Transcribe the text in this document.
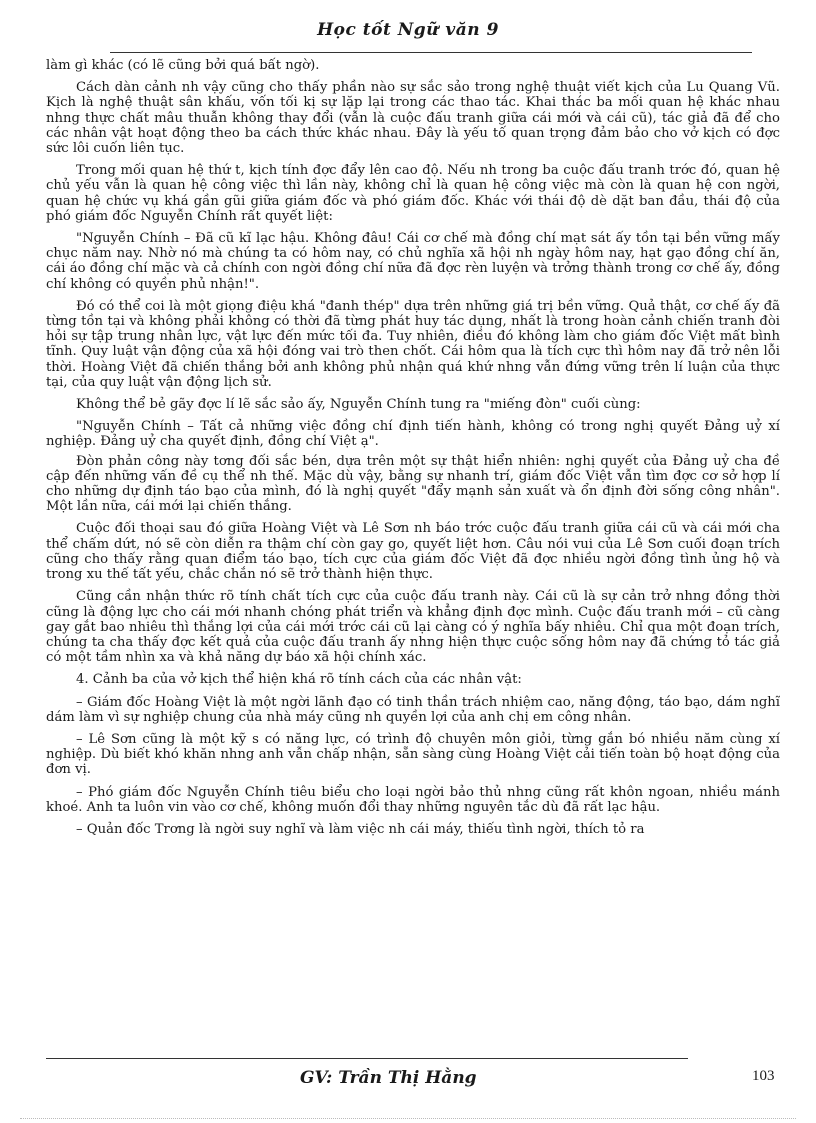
Học tốt Ngữ văn 9

làm gì khác (có lẽ cũng bởi quá bất ngờ).

Cách dàn cảnh nh vậy cũng cho thấy phần nào sự sắc sảo trong nghệ thuật viết kịch của Lu Quang Vũ. Kịch là nghệ thuật sân khấu, vốn tối kị sự lặp lại trong các thao tác. Khai thác ba mối quan hệ khác nhau nhng thực chất mâu thuẫn không thay đổi (vẫn là cuộc đấu tranh giữa cái mới và cái cũ), tác giả đã để cho các nhân vật hoạt động theo ba cách thức khác nhau. Đây là yếu tố quan trọng đảm bảo cho vở kịch có đợc sức lôi cuốn liên tục.

Trong mối quan hệ thứ t, kịch tính đợc đẩy lên cao độ. Nếu nh trong ba cuộc đấu tranh trớc đó, quan hệ chủ yếu vẫn là quan hệ công việc thì lần này, không chỉ là quan hệ công việc mà còn là quan hệ con ngời, quan hệ chức vụ khá gần gũi giữa giám đốc và phó giám đốc. Khác với thái độ dè dặt ban đầu, thái độ của phó giám đốc Nguyễn Chính rất quyết liệt:

"Nguyễn Chính – Đã cũ kĩ lạc hậu. Không đâu! Cái cơ chế mà đồng chí mạt sát ấy tồn tại bền vững mấy chục năm nay. Nhờ nó mà chúng ta có hôm nay, có chủ nghĩa xã hội nh ngày hôm nay, hạt gạo đồng chí ăn, cái áo đồng chí mặc và cả chính con ngời đồng chí nữa đã đợc rèn luyện và trởng thành trong cơ chế ấy, đồng chí không có quyền phủ nhận!".

Đó có thể coi là một giọng điệu khá "đanh thép" dựa trên những giá trị bền vững. Quả thật, cơ chế ấy đã từng tồn tại và không phải không có thời đã từng phát huy tác dụng, nhất là trong hoàn cảnh chiến tranh đòi hỏi sự tập trung nhân lực, vật lực đến mức tối đa. Tuy nhiên, điều đó không làm cho giám đốc Việt mất bình tĩnh. Quy luật vận động của xã hội đóng vai trò then chốt. Cái hôm qua là tích cực thì hôm nay đã trở nên lỗi thời. Hoàng Việt đã chiến thắng bởi anh không phủ nhận quá khứ nhng vẫn đứng vững trên lí luận của thực tại, của quy luật vận động lịch sử.

Không thể bẻ gãy đợc lí lẽ sắc sảo ấy, Nguyễn Chính tung ra "miếng đòn" cuối cùng:

"Nguyễn Chính – Tất cả những việc đồng chí định tiến hành, không có trong nghị quyết Đảng uỷ xí nghiệp. Đảng uỷ cha quyết định, đồng chí Việt ạ".

Đòn phản công này tơng đối sắc bén, dựa trên một sự thật hiển nhiên: nghị quyết của Đảng uỷ cha đề cập đến những vấn đề cụ thể nh thế. Mặc dù vậy, bằng sự nhanh trí, giám đốc Việt vẫn tìm đợc cơ sở hợp lí cho những dự định táo bạo của mình, đó là nghị quyết "đẩy mạnh sản xuất và ổn định đời sống công nhân". Một lần nữa, cái mới lại chiến thắng.

Cuộc đối thoại sau đó giữa Hoàng Việt và Lê Sơn nh báo trớc cuộc đấu tranh giữa cái cũ và cái mới cha thể chấm dứt, nó sẽ còn diễn ra thậm chí còn gay go, quyết liệt hơn. Câu nói vui của Lê Sơn cuối đoạn trích cũng cho thấy rằng quan điểm táo bạo, tích cực của giám đốc Việt đã đợc nhiều ngời đồng tình ủng hộ và trong xu thế tất yếu, chắc chắn nó sẽ trở thành hiện thực.

Cũng cần nhận thức rõ tính chất tích cực của cuộc đấu tranh này. Cái cũ là sự cản trở nhng đồng thời cũng là động lực cho cái mới nhanh chóng phát triển và khẳng định đợc mình. Cuộc đấu tranh mới – cũ càng gay gắt bao nhiêu thì thắng lợi của cái mới trớc cái cũ lại càng có ý nghĩa bấy nhiêu. Chỉ qua một đoạn trích, chúng ta cha thấy đợc kết quả của cuộc đấu tranh ấy nhng hiện thực cuộc sống hôm nay đã chứng tỏ tác giả có một tầm nhìn xa và khả năng dự báo xã hội chính xác.

4. Cảnh ba của vở kịch thể hiện khá rõ tính cách của các nhân vật:

– Giám đốc Hoàng Việt là một ngời lãnh đạo có tinh thần trách nhiệm cao, năng động, táo bạo, dám nghĩ dám làm vì sự nghiệp chung của nhà máy cũng nh quyền lợi của anh chị em công nhân.

– Lê Sơn cũng là một kỹ s có năng lực, có trình độ chuyên môn giỏi, từng gắn bó nhiều năm cùng xí nghiệp. Dù biết khó khăn nhng anh vẫn chấp nhận, sẵn sàng cùng Hoàng Việt cải tiến toàn bộ hoạt động của đơn vị.

– Phó giám đốc Nguyễn Chính tiêu biểu cho loại ngời bảo thủ nhng cũng rất khôn ngoan, nhiều mánh khoé. Anh ta luôn vin vào cơ chế, không muốn đổi thay những nguyên tắc dù đã rất lạc hậu.

– Quản đốc Trơng là ngời suy nghĩ và làm việc nh cái máy, thiếu tình ngời, thích tỏ ra

GV: Trần Thị Hằng	103
